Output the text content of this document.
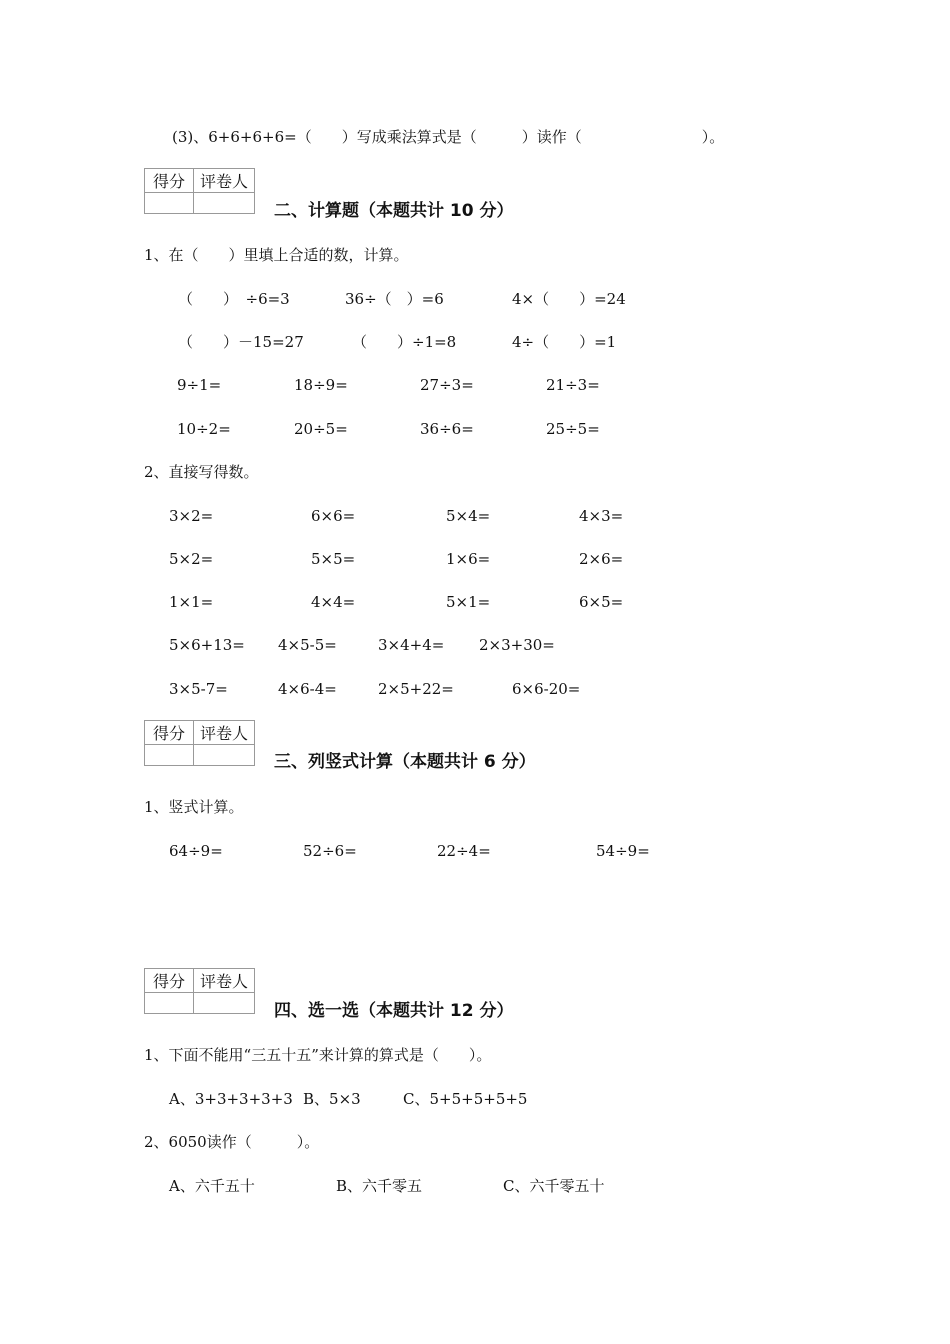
(3)、6+6+6+6=（　　）写成乘法算式是（　　　）读作（　　　　　　　　）。
得分	评卷人

二、计算题（本题共计 10 分）
1、在（　　）里填上合适的数，计算。
（　　）　÷6=3	36÷（　）=6	4×（　　）=24
（　　）－15=27	（　　）÷1=8	4÷（　　）=1
9÷1=	18÷9=	27÷3=	21÷3=
10÷2=	20÷5=	36÷6=	25÷5=
2、直接写得数。
3×2=	6×6=	5×4=	4×3=
5×2=	5×5=	1×6=	2×6=
1×1=	4×4=	5×1=	6×5=
5×6+13= 4×5-5=	3×4+4= 2×3+30=
3×5-7=	4×6-4=	2×5+22=	6×6-20=
得分	评卷人

三、列竖式计算（本题共计 6 分）
1、竖式计算。
64÷9=	52÷6=	22÷4=	54÷9=
得分	评卷人

四、选一选（本题共计 12 分）
1、下面不能用“三五十五”来计算的算式是（　　）。
A、3+3+3+3+3 B、5×3	C、5+5+5+5+5
2、6050读作（　　　）。
A、六千五十	B、六千零五	C、六千零五十
